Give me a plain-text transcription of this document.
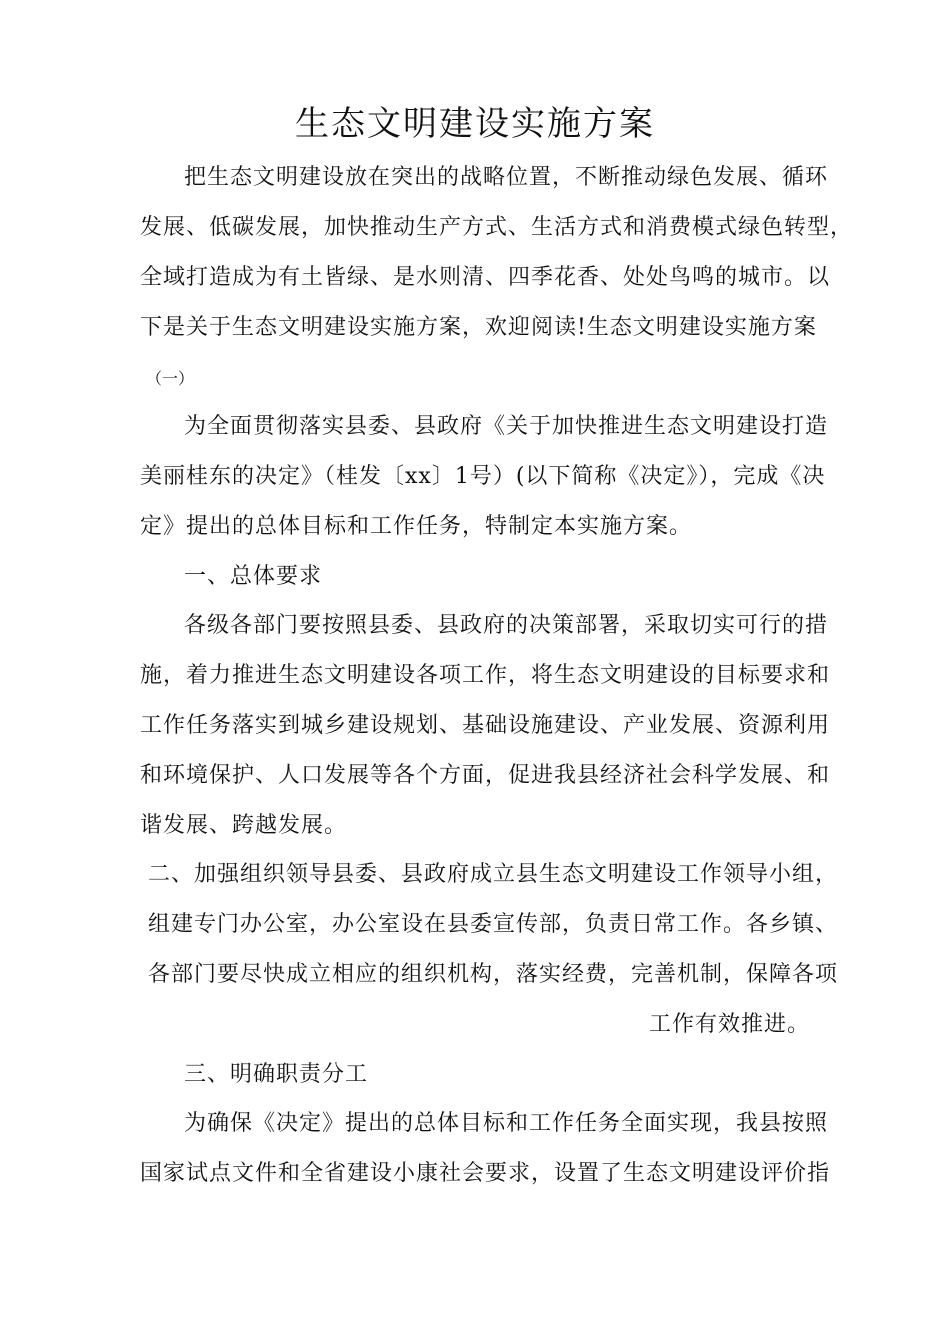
生态文明建设实施方案
把生态文明建设放在突出的战略位置，不断推动绿色发展、循环
发展、低碳发展，加快推动生产方式、生活方式和消费模式绿色转型，
全域打造成为有土皆绿、是水则清、四季花香、处处鸟鸣的城市。以
下是关于生态文明建设实施方案，欢迎阅读!生态文明建设实施方案
（一）
为全面贯彻落实县委、县政府《关于加快推进生态文明建设打造
美丽桂东的决定》（桂发〔xx〕1号）(以下简称《决定》），完成《决
定》提出的总体目标和工作任务，特制定本实施方案。
一、总体要求
各级各部门要按照县委、县政府的决策部署，采取切实可行的措
施，着力推进生态文明建设各项工作，将生态文明建设的目标要求和
工作任务落实到城乡建设规划、基础设施建设、产业发展、资源利用
和环境保护、人口发展等各个方面，促进我县经济社会科学发展、和
谐发展、跨越发展。
二、加强组织领导县委、县政府成立县生态文明建设工作领导小组，
组建专门办公室，办公室设在县委宣传部，负责日常工作。各乡镇、
各部门要尽快成立相应的组织机构，落实经费，完善机制，保障各项
工作有效推进。
三、明确职责分工
为确保《决定》提出的总体目标和工作任务全面实现，我县按照
国家试点文件和全省建设小康社会要求，设置了生态文明建设评价指
